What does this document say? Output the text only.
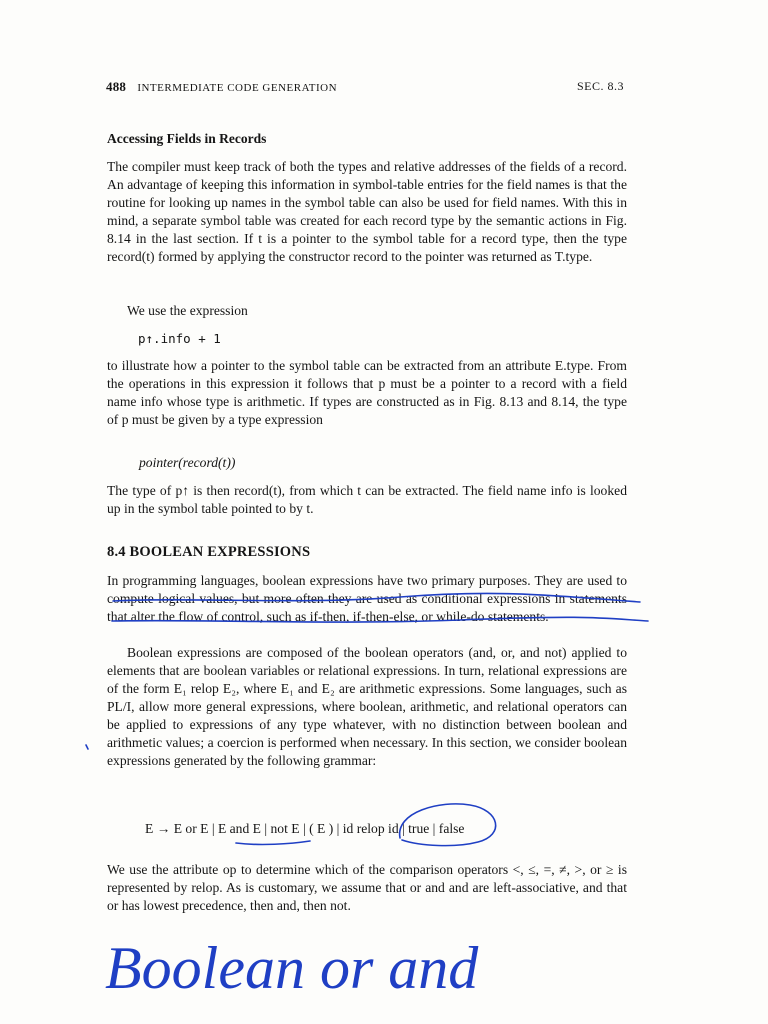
488 INTERMEDIATE CODE GENERATION	SEC. 8.3
Accessing Fields in Records

The compiler must keep track of both the types and relative addresses of the fields of a record. An advantage of keeping this information in symbol-table entries for the field names is that the routine for looking up names in the symbol table can also be used for field names. With this in mind, a separate symbol table was created for each record type by the semantic actions in Fig. 8.14 in the last section. If t is a pointer to the symbol table for a record type, then the type record(t) formed by applying the constructor record to the pointer was returned as T.type.

We use the expression

p↑.info + 1

to illustrate how a pointer to the symbol table can be extracted from an attribute E.type. From the operations in this expression it follows that p must be a pointer to a record with a field name info whose type is arithmetic. If types are constructed as in Fig. 8.13 and 8.14, the type of p must be given by a type expression

pointer(record(t))

The type of p↑ is then record(t), from which t can be extracted. The field name info is looked up in the symbol table pointed to by t.

8.4 BOOLEAN EXPRESSIONS

In programming languages, boolean expressions have two primary purposes. They are used to compute logical values, but more often they are used as conditional expressions in statements that alter the flow of control, such as if-then, if-then-else, or while-do statements.

Boolean expressions are composed of the boolean operators (and, or, and not) applied to elements that are boolean variables or relational expressions. In turn, relational expressions are of the form E₁ relop E₂, where E₁ and E₂ are arithmetic expressions. Some languages, such as PL/I, allow more general expressions, where boolean, arithmetic, and relational operators can be applied to expressions of any type whatever, with no distinction between boolean and arithmetic values; a coercion is performed when necessary. In this section, we consider boolean expressions generated by the following grammar:

E → E or E | E and E | not E | ( E ) | id relop id | true | false

We use the attribute op to determine which of the comparison operators <, ≤, =, ≠, >, or ≥ is represented by relop. As is customary, we assume that or and and are left-associative, and that or has lowest precedence, then and, then not.

Boolean or and
